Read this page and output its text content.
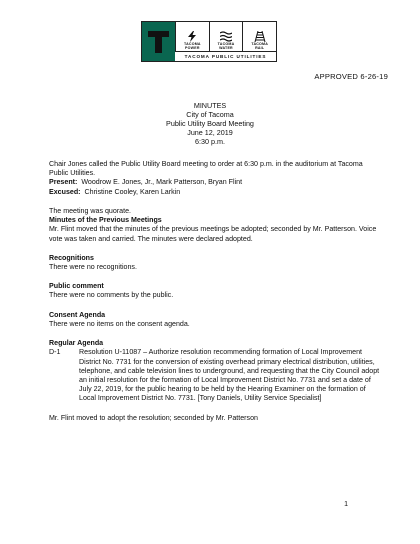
TACOMA
POWER
TACOMA
WATER
TACOMA
RAIL
TACOMA PUBLIC UTILITIES
APPROVED 6-26-19
MINUTES
City of Tacoma
Public Utility Board Meeting
June 12, 2019
6:30 p.m.

Chair Jones called the Public Utility Board meeting to order at 6:30 p.m. in the auditorium at Tacoma Public Utilities.

Present: Woodrow E. Jones, Jr., Mark Patterson, Bryan Flint

Excused: Christine Cooley, Karen Larkin

The meeting was quorate.

Minutes of the Previous Meetings

Mr. Flint moved that the minutes of the previous meetings be adopted; seconded by Mr. Patterson. Voice vote was taken and carried. The minutes were declared adopted.

Recognitions

There were no recognitions.

Public comment

There were no comments by the public.

Consent Agenda

There were no items on the consent agenda.

Regular Agenda

D-1	Resolution U-11087 – Authorize resolution recommending formation of Local Improvement District No. 7731 for the conversion of existing overhead primary electrical distribution, utilities, telephone, and cable television lines to underground, and requesting that the City Council adopt an initial resolution for the formation of Local Improvement District No. 7731 and set a date of July 22, 2019, for the public hearing to be held by the Hearing Examiner on the formation of Local Improvement District No. 7731. [Tony Daniels, Utility Service Specialist]

Mr. Flint moved to adopt the resolution; seconded by Mr. Patterson

1
